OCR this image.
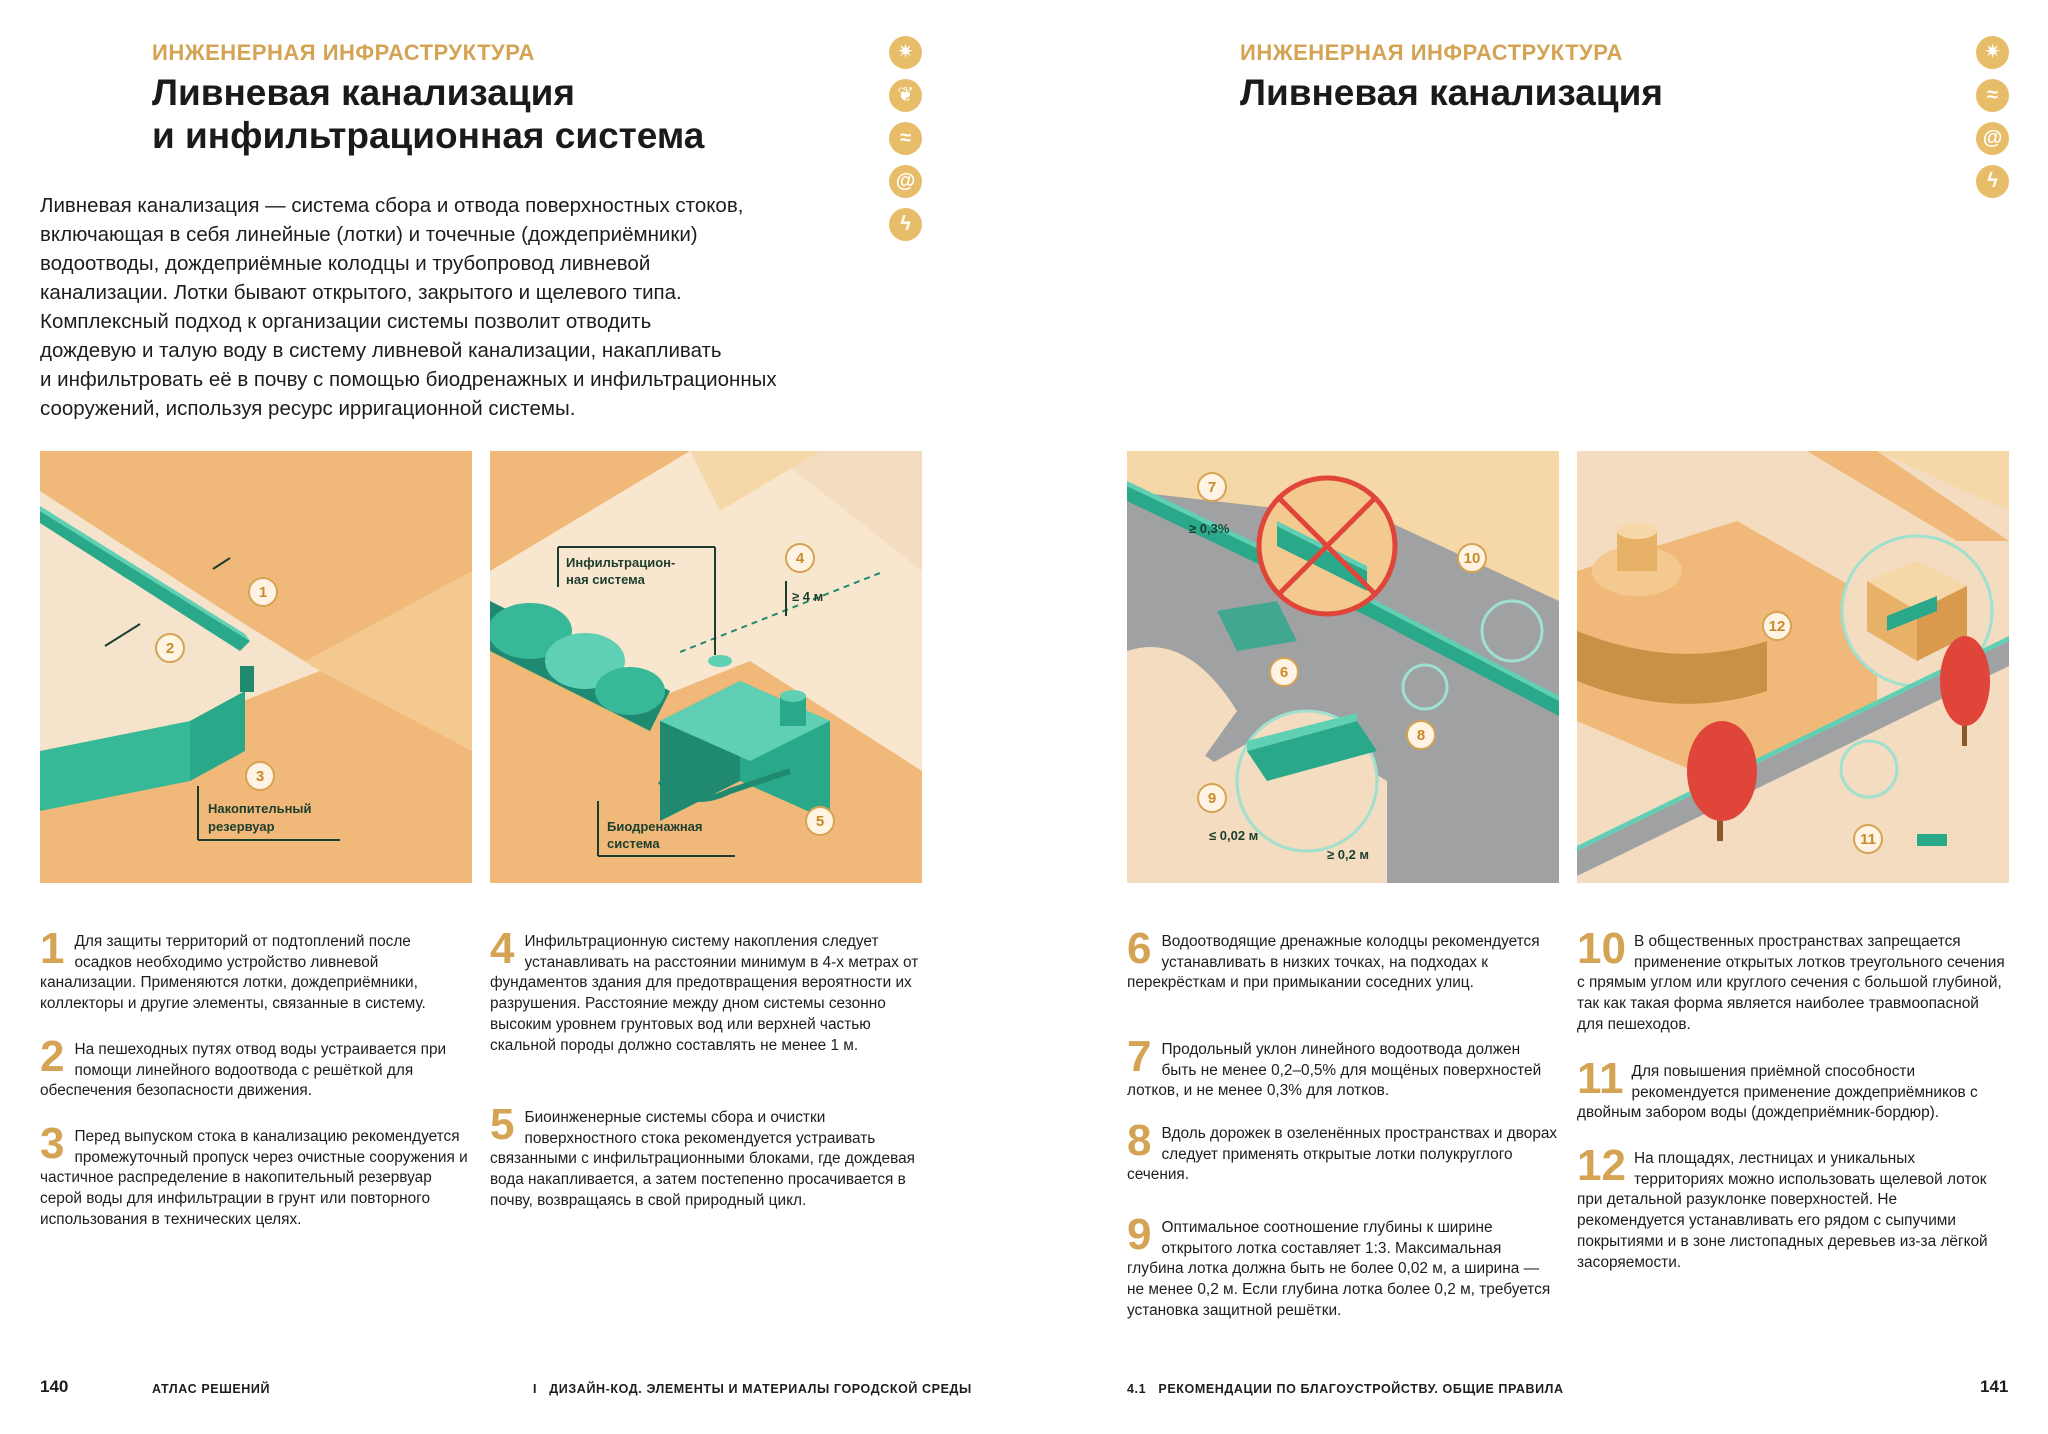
ИНЖЕНЕРНАЯ ИНФРАСТРУКТУРА
Ливневая канализация
и инфильтрационная система
✷
❦
≈
@
ϟ
Ливневая канализация — система сбора и отвода поверхностных стоков,
включающая в себя линейные (лотки) и точечные (дождеприёмники)
водоотводы, дождеприёмные колодцы и трубопровод ливневой
канализации. Лотки бывают открытого, закрытого и щелевого типа.
Комплексный подход к организации системы позволит отводить
дождевую и талую воду в систему ливневой канализации, накапливать
и инфильтровать её в почву с помощью биодренажных и инфильтрационных
сооружений, используя ресурс ирригационной системы.
1
2
3
Накопительный
резервуар
Инфильтрацион-
ная система
4
≥ 4 м
5
Биодренажная
система
1 Для защиты территорий от подтоплений после осадков необходимо устройство ливневой канализации. Применяются лотки, дождеприёмники, коллекторы и другие элементы, связанные в систему.
2 На пешеходных путях отвод воды устраивается при помощи линейного водоотвода с решёткой для обеспечения безопасности движения.
3 Перед выпуском стока в канализацию рекомендуется промежуточный пропуск через очистные сооружения и частичное распределение в накопительный резервуар серой воды для инфильтрации в грунт или повторного использования в технических целях.
4 Инфильтрационную систему накопления следует устанавливать на расстоянии минимум в 4-х метрах от фундаментов здания для предотвращения вероятности их разрушения. Расстояние между дном системы сезонно высоким уровнем грунтовых вод или верхней частью скальной породы должно составлять не менее 1 м.
5 Биоинженерные системы сбора и очистки поверхностного стока рекомендуется устраивать связанными с инфильтрационными блоками, где дождевая вода накапливается, а затем постепенно просачивается в почву, возвращаясь в свой природный цикл.
140	АТЛАС РЕШЕНИЙ	I   ДИЗАЙН-КОД. ЭЛЕМЕНТЫ И МАТЕРИАЛЫ ГОРОДСКОЙ СРЕДЫ
ИНЖЕНЕРНАЯ ИНФРАСТРУКТУРА
Ливневая канализация
✷
≈
@
ϟ
7
≥ 0,3%
10
6
8
9
≤ 0,02 м
≥ 0,2 м
12
11
6 Водоотводящие дренажные колодцы рекомендуется устанавливать в низких точках, на подходах к перекрёсткам и при примыкании соседних улиц.
7 Продольный уклон линейного водоотвода должен быть не менее 0,2–0,5% для мощёных поверхностей лотков, и не менее 0,3% для лотков.
8 Вдоль дорожек в озеленённых пространствах и дворах следует применять открытые лотки полукруглого сечения.
9 Оптимальное соотношение глубины к ширине открытого лотка составляет 1:3. Максимальная глубина лотка должна быть не более 0,02 м, а ширина — не менее 0,2 м. Если глубина лотка более 0,2 м, требуется установка защитной решётки.
10 В общественных пространствах запрещается применение открытых лотков треугольного сечения с прямым углом или круглого сечения с большой глубиной, так как такая форма является наиболее травмоопасной для пешеходов.
11 Для повышения приёмной способности рекомендуется применение дождеприёмников с двойным забором воды (дождеприёмник-бордюр).
12 На площадях, лестницах и уникальных территориях можно использовать щелевой лоток при детальной разуклонке поверхностей. Не рекомендуется устанавливать его рядом с сыпучими покрытиями и в зоне листопадных деревьев из-за лёгкой засоряемости.
4.1   РЕКОМЕНДАЦИИ ПО БЛАГОУСТРОЙСТВУ. ОБЩИЕ ПРАВИЛА	141
